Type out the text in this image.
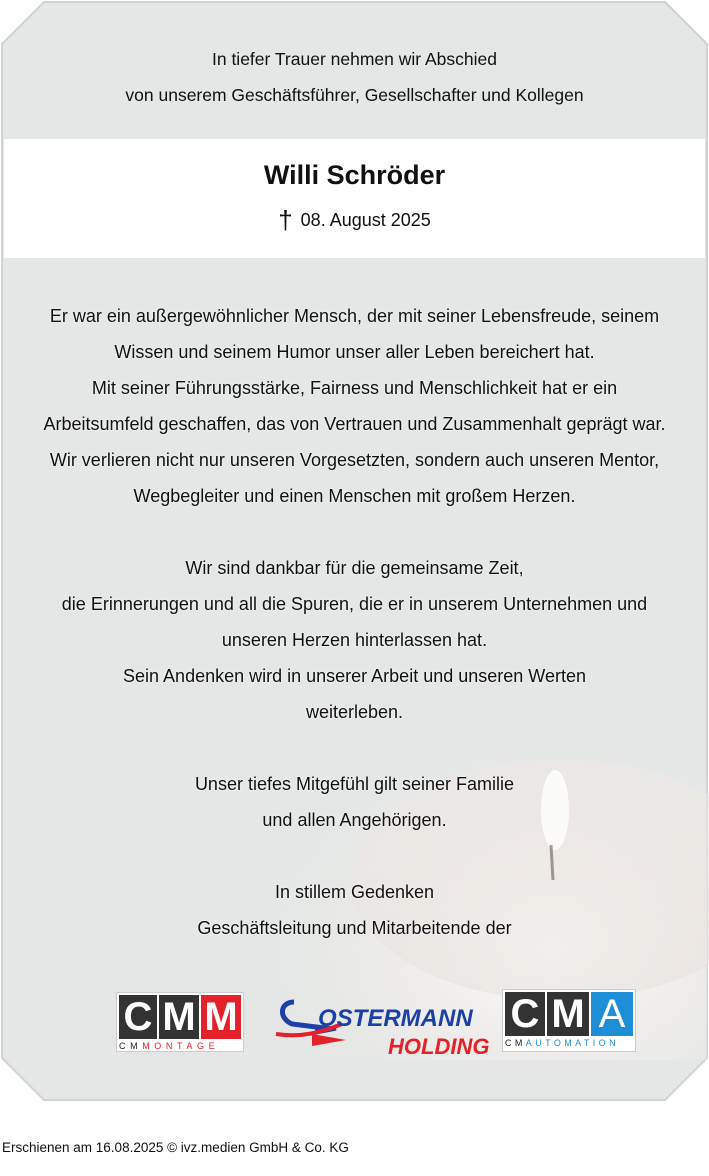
In tiefer Trauer nehmen wir Abschied
von unserem Geschäftsführer, Gesellschafter und Kollegen
Willi Schröder
† 08. August 2025
Er war ein außergewöhnlicher Mensch, der mit seiner Lebensfreude, seinem
Wissen und seinem Humor unser aller Leben bereichert hat.
Mit seiner Führungsstärke, Fairness und Menschlichkeit hat er ein
Arbeitsumfeld geschaffen, das von Vertrauen und Zusammenhalt geprägt war.
Wir verlieren nicht nur unseren Vorgesetzten, sondern auch unseren Mentor,
Wegbegleiter und einen Menschen mit großem Herzen.
Wir sind dankbar für die gemeinsame Zeit,
die Erinnerungen und all die Spuren, die er in unserem Unternehmen und
unseren Herzen hinterlassen hat.
Sein Andenken wird in unserer Arbeit und unseren Werten
weiterleben.
Unser tiefes Mitgefühl gilt seiner Familie
und allen Angehörigen.
In stillem Gedenken
Geschäftsleitung und Mitarbeitende der
C M M
CMMONTAGE
OSTERMANN
HOLDING
C M A
CMAUTOMATION
Erschienen am 16.08.2025 © ivz.medien GmbH & Co. KG
